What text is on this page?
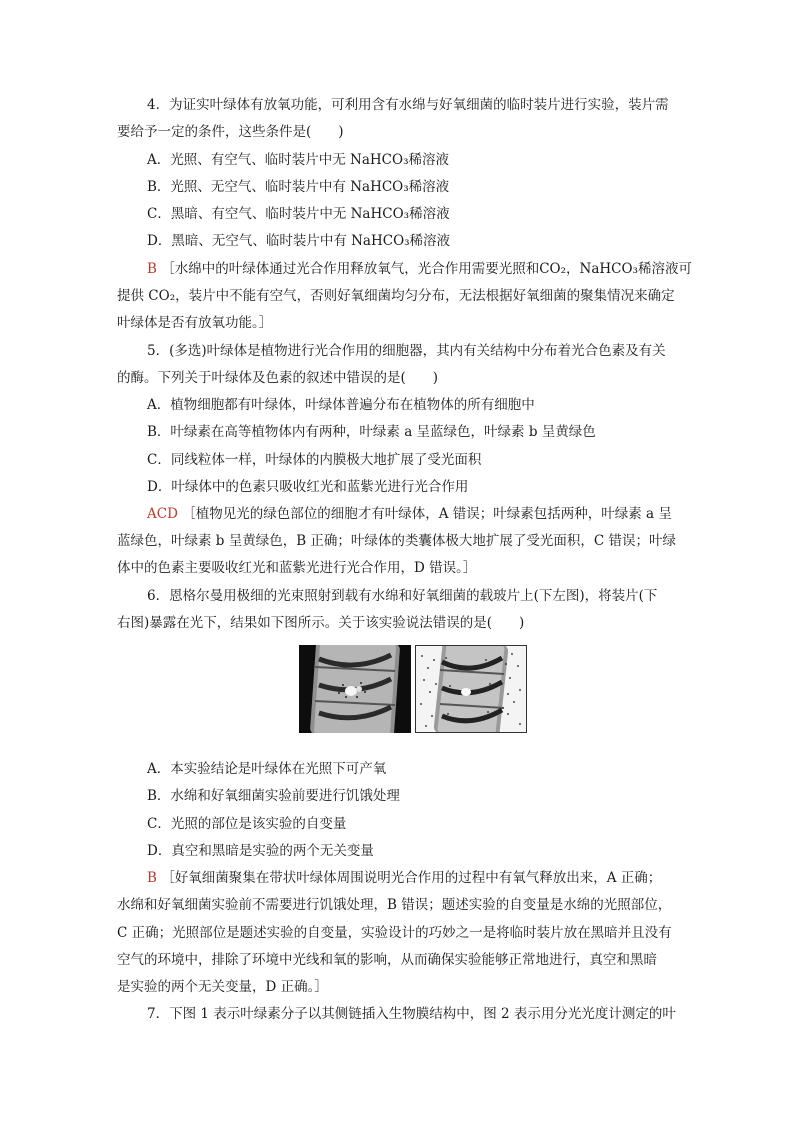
4．为证实叶绿体有放氧功能，可利用含有水绵与好氧细菌的临时装片进行实验，装片需
要给予一定的条件，这些条件是(　　)
A．光照、有空气、临时装片中无 NaHCO₃稀溶液
B．光照、无空气、临时装片中有 NaHCO₃稀溶液
C．黑暗、有空气、临时装片中无 NaHCO₃稀溶液
D．黑暗、无空气、临时装片中有 NaHCO₃稀溶液
B ［水绵中的叶绿体通过光合作用释放氧气，光合作用需要光照和CO₂，NaHCO₃稀溶液可
提供 CO₂，装片中不能有空气，否则好氧细菌均匀分布，无法根据好氧细菌的聚集情况来确定
叶绿体是否有放氧功能。］
5．(多选)叶绿体是植物进行光合作用的细胞器，其内有关结构中分布着光合色素及有关
的酶。下列关于叶绿体及色素的叙述中错误的是(　　)
A．植物细胞都有叶绿体，叶绿体普遍分布在植物体的所有细胞中
B．叶绿素在高等植物体内有两种，叶绿素 a 呈蓝绿色，叶绿素 b 呈黄绿色
C．同线粒体一样，叶绿体的内膜极大地扩展了受光面积
D．叶绿体中的色素只吸收红光和蓝紫光进行光合作用
ACD ［植物见光的绿色部位的细胞才有叶绿体，A 错误；叶绿素包括两种，叶绿素 a 呈
蓝绿色，叶绿素 b 呈黄绿色，B 正确；叶绿体的类囊体极大地扩展了受光面积，C 错误；叶绿
体中的色素主要吸收红光和蓝紫光进行光合作用，D 错误。］
6．恩格尔曼用极细的光束照射到载有水绵和好氧细菌的载玻片上(下左图)，将装片(下
右图)暴露在光下，结果如下图所示。关于该实验说法错误的是(　　)
A．本实验结论是叶绿体在光照下可产氧
B．水绵和好氧细菌实验前要进行饥饿处理
C．光照的部位是该实验的自变量
D．真空和黑暗是实验的两个无关变量
B ［好氧细菌聚集在带状叶绿体周围说明光合作用的过程中有氧气释放出来，A 正确；
水绵和好氧细菌实验前不需要进行饥饿处理，B 错误；题述实验的自变量是水绵的光照部位，
C 正确；光照部位是题述实验的自变量，实验设计的巧妙之一是将临时装片放在黑暗并且没有
空气的环境中，排除了环境中光线和氧的影响，从而确保实验能够正常地进行，真空和黑暗
是实验的两个无关变量，D 正确。］
7．下图 1 表示叶绿素分子以其侧链插入生物膜结构中，图 2 表示用分光光度计测定的叶
